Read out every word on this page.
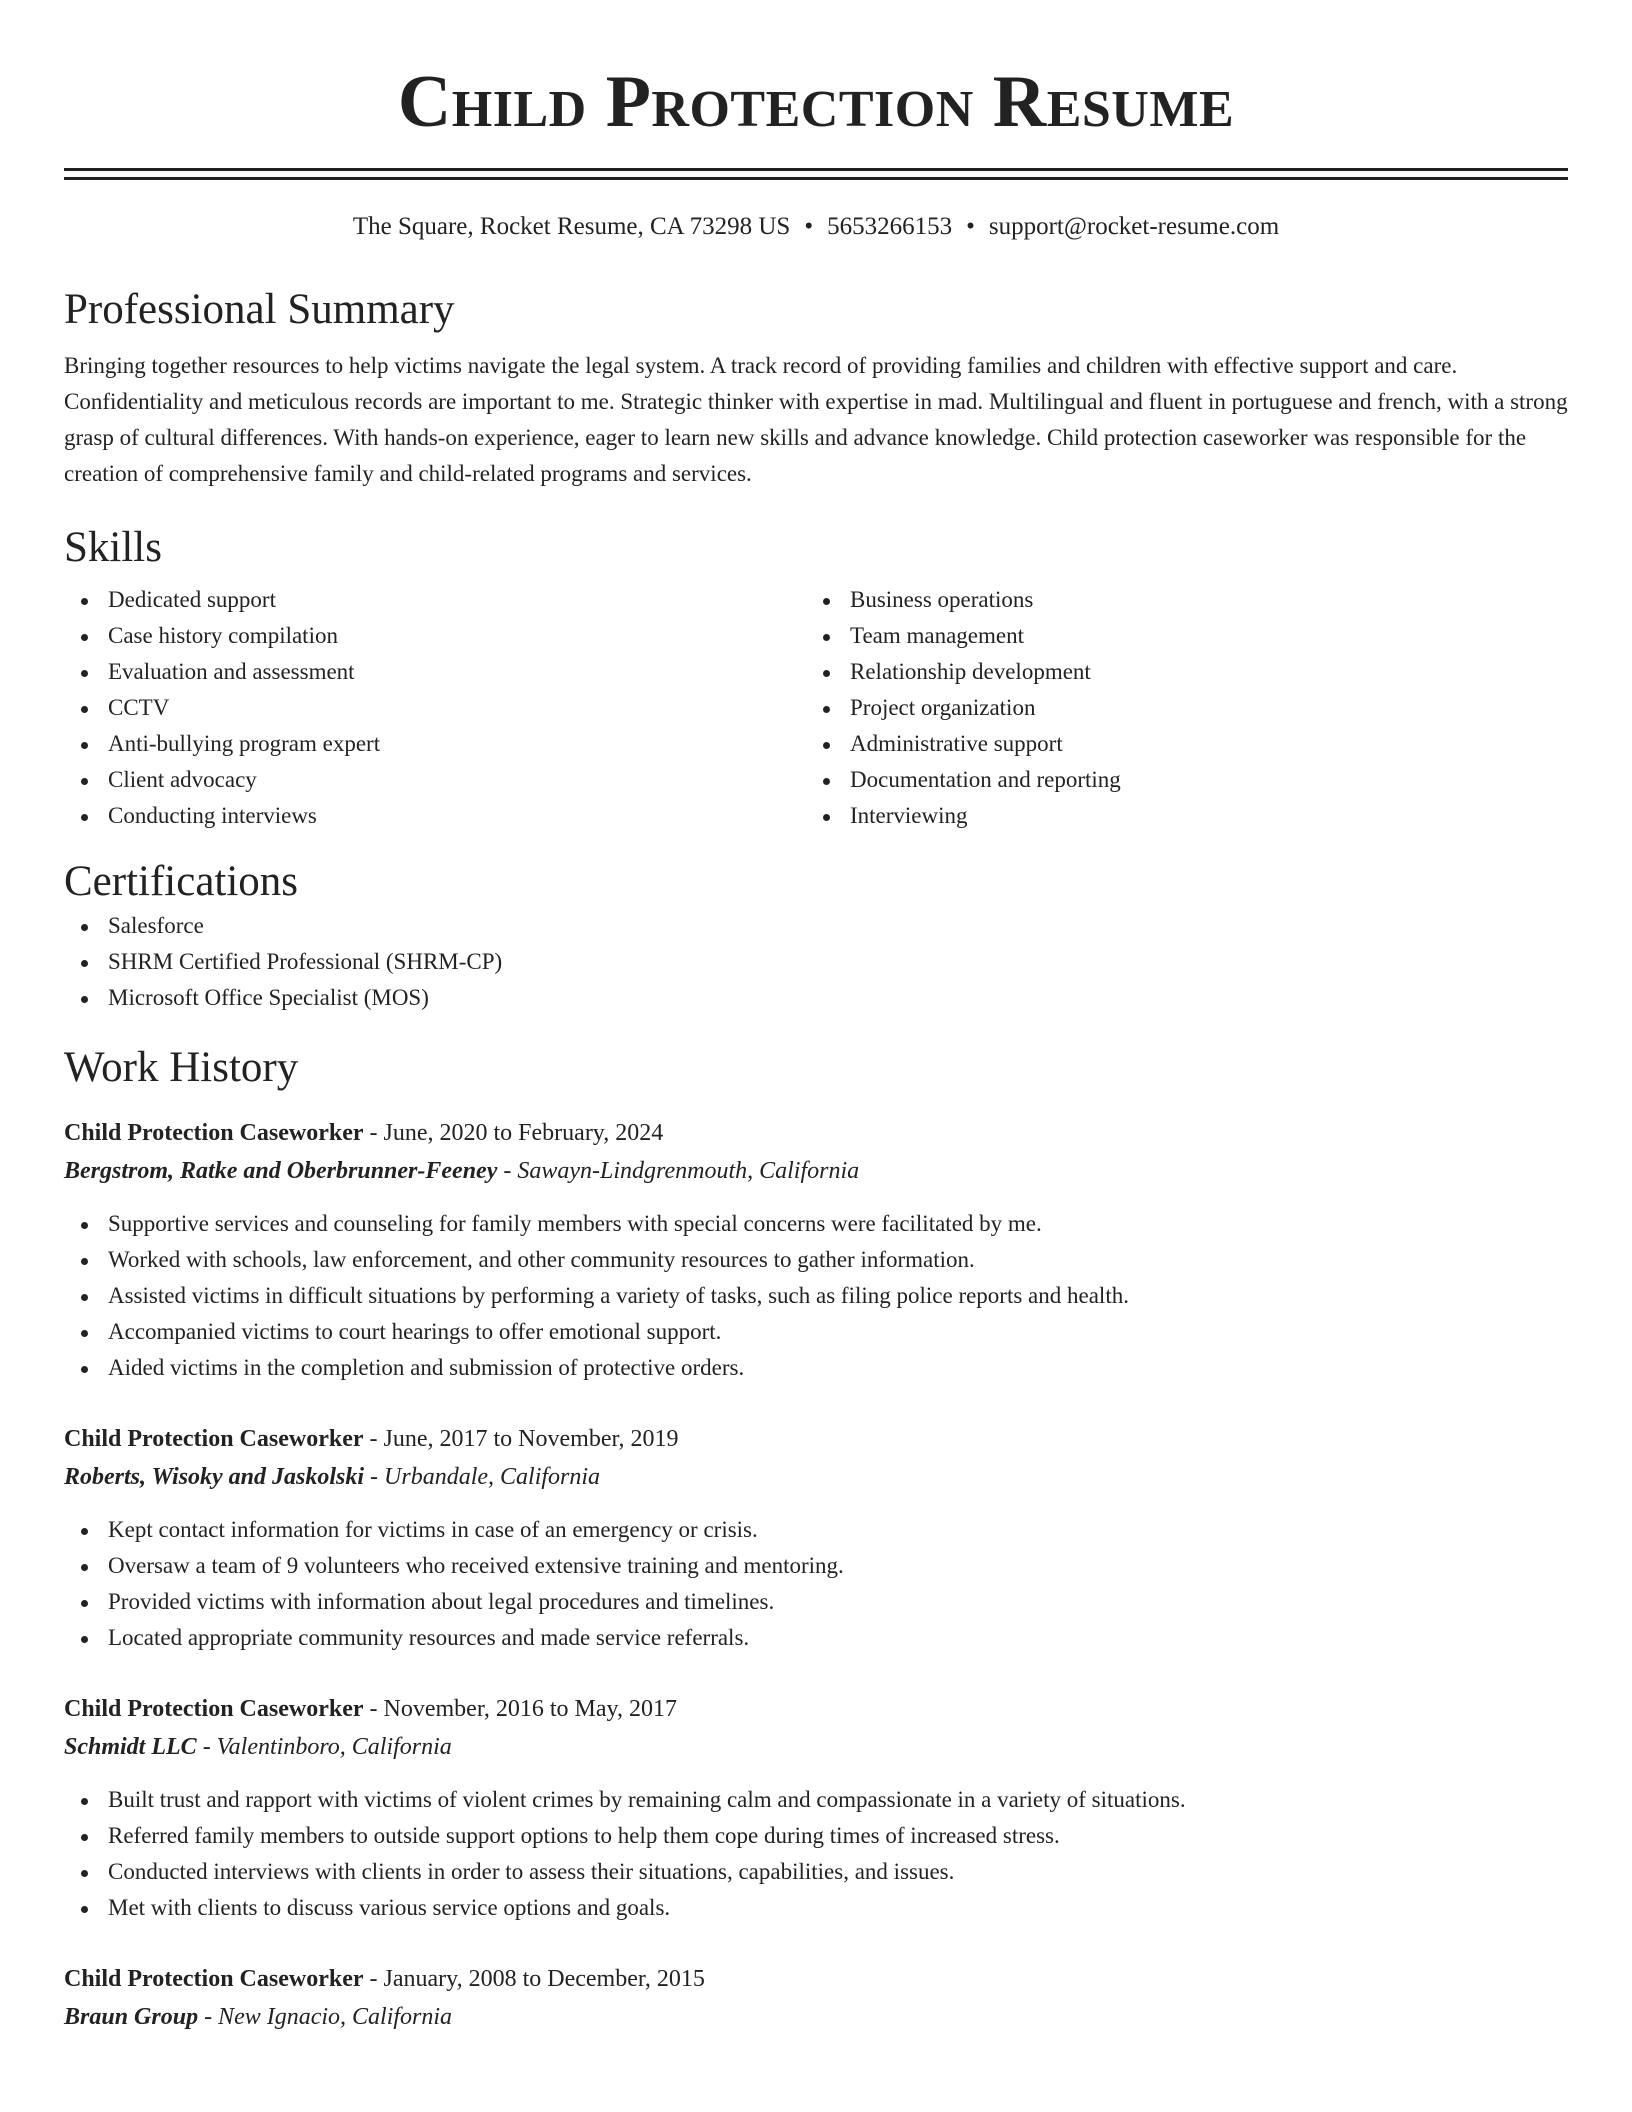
Child Protection Resume
The Square, Rocket Resume, CA 73298 US • 5653266153 • support@rocket-resume.com
Professional Summary

Bringing together resources to help victims navigate the legal system. A track record of providing families and children with effective support and care. Confidentiality and meticulous records are important to me. Strategic thinker with expertise in mad. Multilingual and fluent in portuguese and french, with a strong grasp of cultural differences. With hands-on experience, eager to learn new skills and advance knowledge. Child protection caseworker was responsible for the creation of comprehensive family and child-related programs and services.

Skills
Dedicated support
Case history compilation
Evaluation and assessment
CCTV
Anti-bullying program expert
Client advocacy
Conducting interviews
Business operations
Team management
Relationship development
Project organization
Administrative support
Documentation and reporting
Interviewing
Certifications
Salesforce
SHRM Certified Professional (SHRM-CP)
Microsoft Office Specialist (MOS)
Work History
Child Protection Caseworker - June, 2020 to February, 2024
Bergstrom, Ratke and Oberbrunner-Feeney - Sawayn-Lindgrenmouth, California
Supportive services and counseling for family members with special concerns were facilitated by me.
Worked with schools, law enforcement, and other community resources to gather information.
Assisted victims in difficult situations by performing a variety of tasks, such as filing police reports and health.
Accompanied victims to court hearings to offer emotional support.
Aided victims in the completion and submission of protective orders.
Child Protection Caseworker - June, 2017 to November, 2019
Roberts, Wisoky and Jaskolski - Urbandale, California
Kept contact information for victims in case of an emergency or crisis.
Oversaw a team of 9 volunteers who received extensive training and mentoring.
Provided victims with information about legal procedures and timelines.
Located appropriate community resources and made service referrals.
Child Protection Caseworker - November, 2016 to May, 2017
Schmidt LLC - Valentinboro, California
Built trust and rapport with victims of violent crimes by remaining calm and compassionate in a variety of situations.
Referred family members to outside support options to help them cope during times of increased stress.
Conducted interviews with clients in order to assess their situations, capabilities, and issues.
Met with clients to discuss various service options and goals.
Child Protection Caseworker - January, 2008 to December, 2015
Braun Group - New Ignacio, California
